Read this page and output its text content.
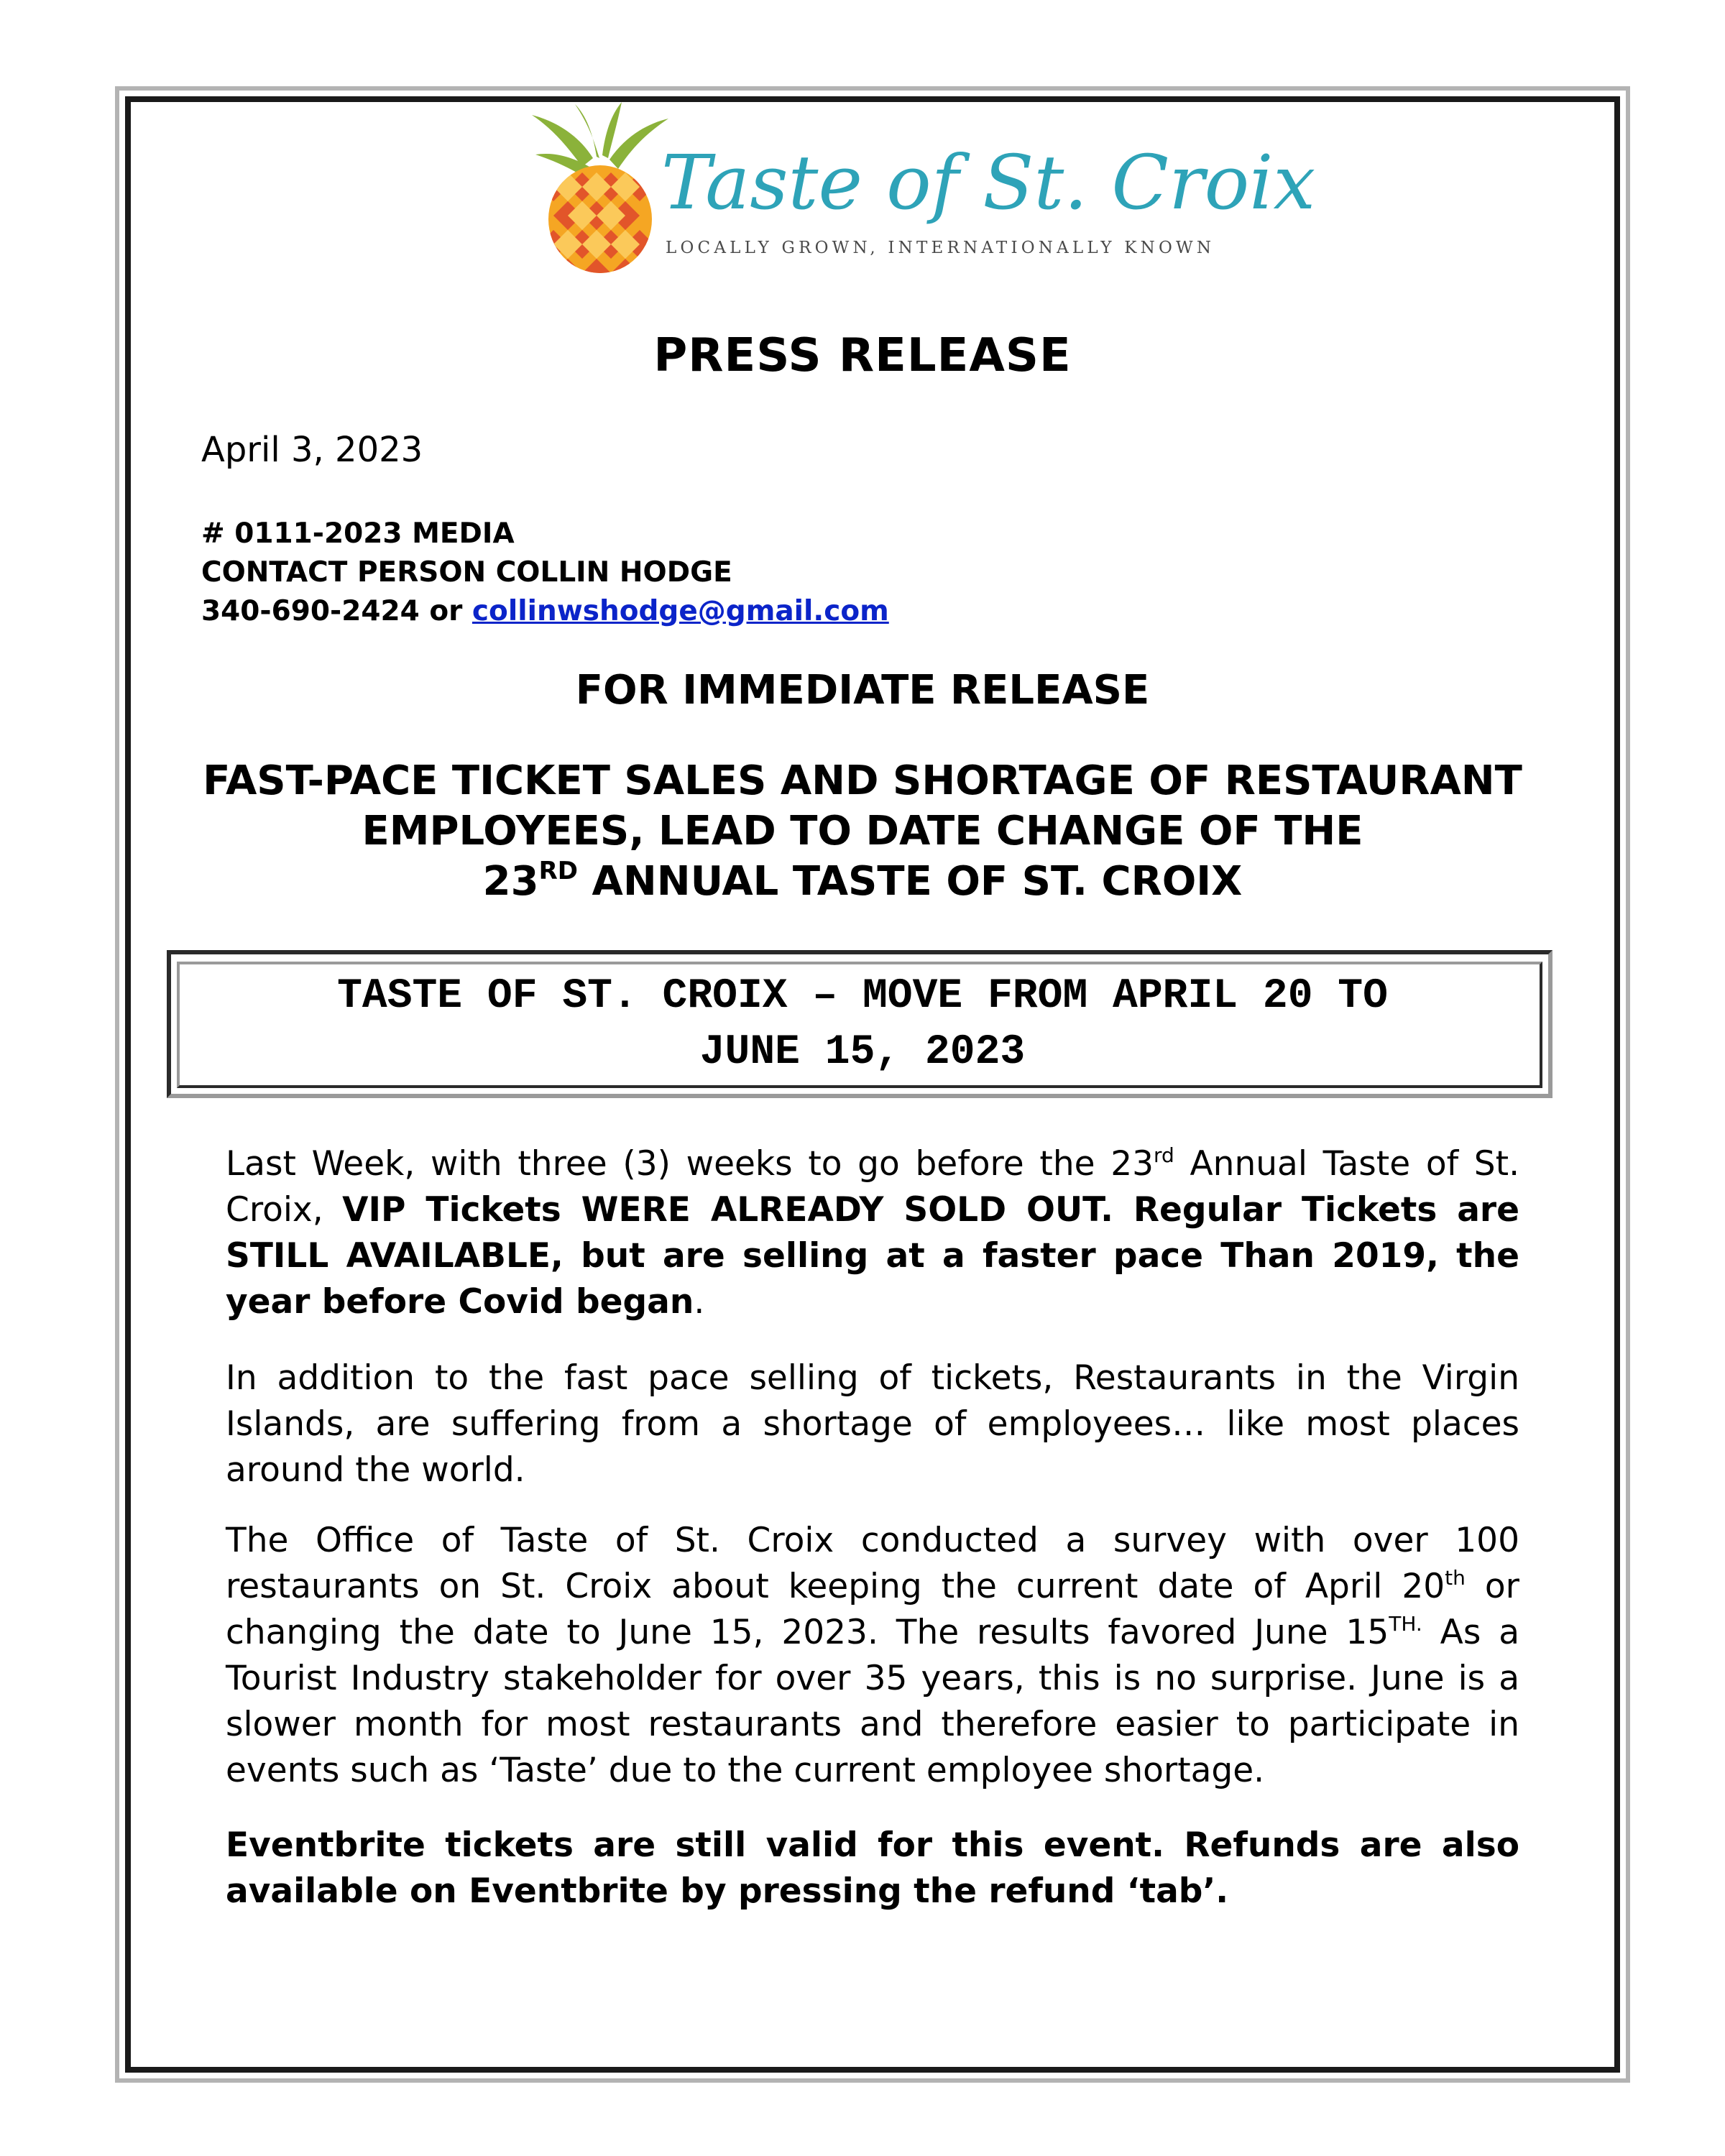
Taste of St. Croix
LOCALLY GROWN, INTERNATIONALLY KNOWN
PRESS RELEASE
April 3, 2023
# 0111-2023 MEDIA
CONTACT PERSON COLLIN HODGE
340-690-2424 or collinwshodge@gmail.com
FOR IMMEDIATE RELEASE
FAST-PACE TICKET SALES AND SHORTAGE OF RESTAURANT
EMPLOYEES, LEAD TO DATE CHANGE OF THE
23RD ANNUAL TASTE OF ST. CROIX
TASTE OF ST. CROIX – MOVE FROM APRIL 20 TO
JUNE 15, 2023
Last Week, with three (3) weeks to go before the 23rd Annual Taste of St. Croix, VIP Tickets WERE ALREADY SOLD OUT. Regular Tickets are STILL AVAILABLE, but are selling at a faster pace Than 2019, the year before Covid began.
In addition to the fast pace selling of tickets, Restaurants in the Virgin Islands, are suffering from a shortage of employees… like most places around the world.
The Office of Taste of St. Croix conducted a survey with over 100 restaurants on St. Croix about keeping the current date of April 20th or changing the date to June 15, 2023. The results favored June $15^{TH.}$ As a Tourist Industry stakeholder for over 35 years, this is no surprise. June is a slower month for most restaurants and therefore easier to participate in events such as ‘Taste’ due to the current employee shortage.
Eventbrite tickets are still valid for this event. Refunds are also available on Eventbrite by pressing the refund ‘tab’.
